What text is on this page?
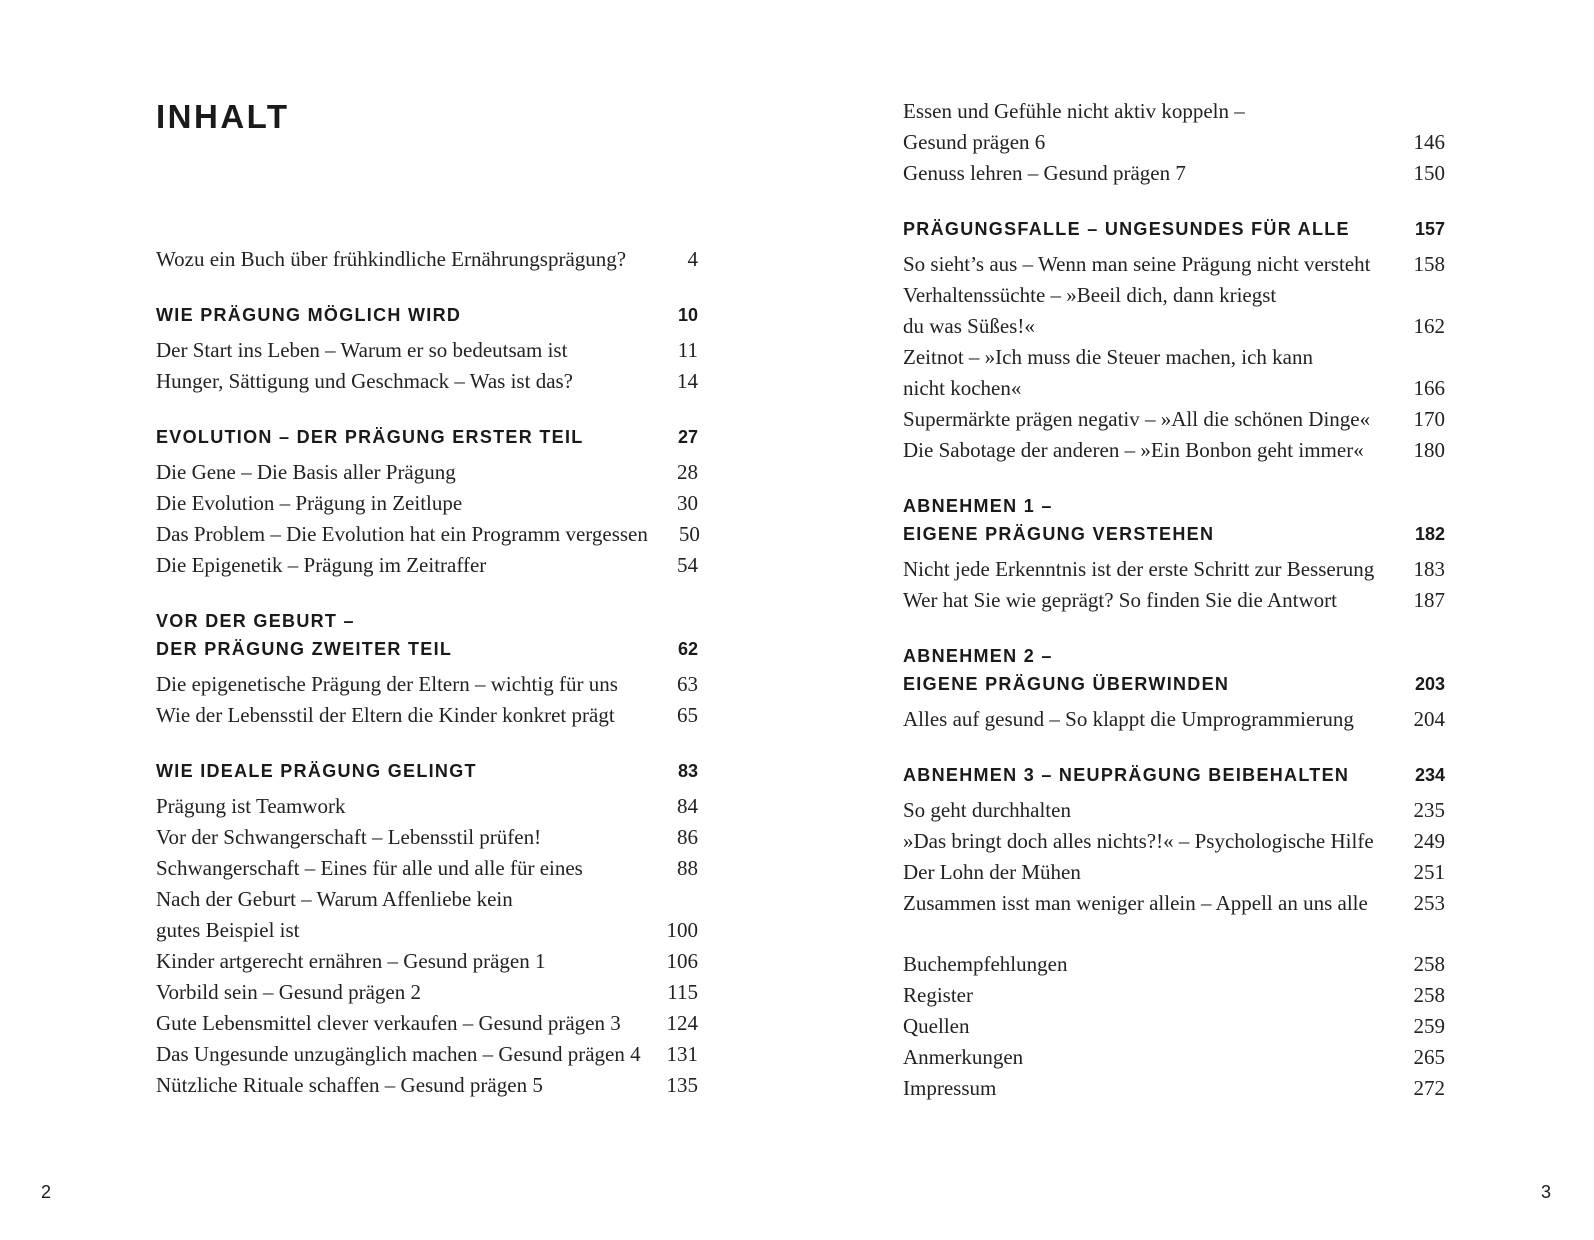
INHALT
Wozu ein Buch über frühkindliche Ernährungsprägung?	4
WIE PRÄGUNG MÖGLICH WIRD	10
Der Start ins Leben – Warum er so bedeutsam ist	11
Hunger, Sättigung und Geschmack – Was ist das?	14
EVOLUTION – DER PRÄGUNG ERSTER TEIL	27
Die Gene – Die Basis aller Prägung	28
Die Evolution – Prägung in Zeitlupe	30
Das Problem – Die Evolution hat ein Programm vergessen	50
Die Epigenetik – Prägung im Zeitraffer	54
VOR DER GEBURT –
DER PRÄGUNG ZWEITER TEIL	62
Die epigenetische Prägung der Eltern – wichtig für uns	63
Wie der Lebensstil der Eltern die Kinder konkret prägt	65
WIE IDEALE PRÄGUNG GELINGT	83
Prägung ist Teamwork	84
Vor der Schwangerschaft – Lebensstil prüfen!	86
Schwangerschaft – Eines für alle und alle für eines	88
Nach der Geburt – Warum Affenliebe kein
gutes Beispiel ist	100
Kinder artgerecht ernähren – Gesund prägen 1	106
Vorbild sein – Gesund prägen 2	115
Gute Lebensmittel clever verkaufen – Gesund prägen 3	124
Das Ungesunde unzugänglich machen – Gesund prägen 4	131
Nützliche Rituale schaffen – Gesund prägen 5	135
Essen und Gefühle nicht aktiv koppeln –
Gesund prägen 6	146
Genuss lehren – Gesund prägen 7	150
PRÄGUNGSFALLE – UNGESUNDES FÜR ALLE	157
So sieht’s aus – Wenn man seine Prägung nicht versteht	158
Verhaltenssüchte – »Beeil dich, dann kriegst
du was Süßes!«	162
Zeitnot – »Ich muss die Steuer machen, ich kann
nicht kochen«	166
Supermärkte prägen negativ – »All die schönen Dinge«	170
Die Sabotage der anderen – »Ein Bonbon geht immer«	180
ABNEHMEN 1 –
EIGENE PRÄGUNG VERSTEHEN	182
Nicht jede Erkenntnis ist der erste Schritt zur Besserung	183
Wer hat Sie wie geprägt? So finden Sie die Antwort	187
ABNEHMEN 2 –
EIGENE PRÄGUNG ÜBERWINDEN	203
Alles auf gesund – So klappt die Umprogrammierung	204
ABNEHMEN 3 – NEUPRÄGUNG BEIBEHALTEN	234
So geht durchhalten	235
»Das bringt doch alles nichts?!« – Psychologische Hilfe	249
Der Lohn der Mühen	251
Zusammen isst man weniger allein – Appell an uns alle	253
Buchempfehlungen	258
Register	258
Quellen	259
Anmerkungen	265
Impressum	272
2	3
